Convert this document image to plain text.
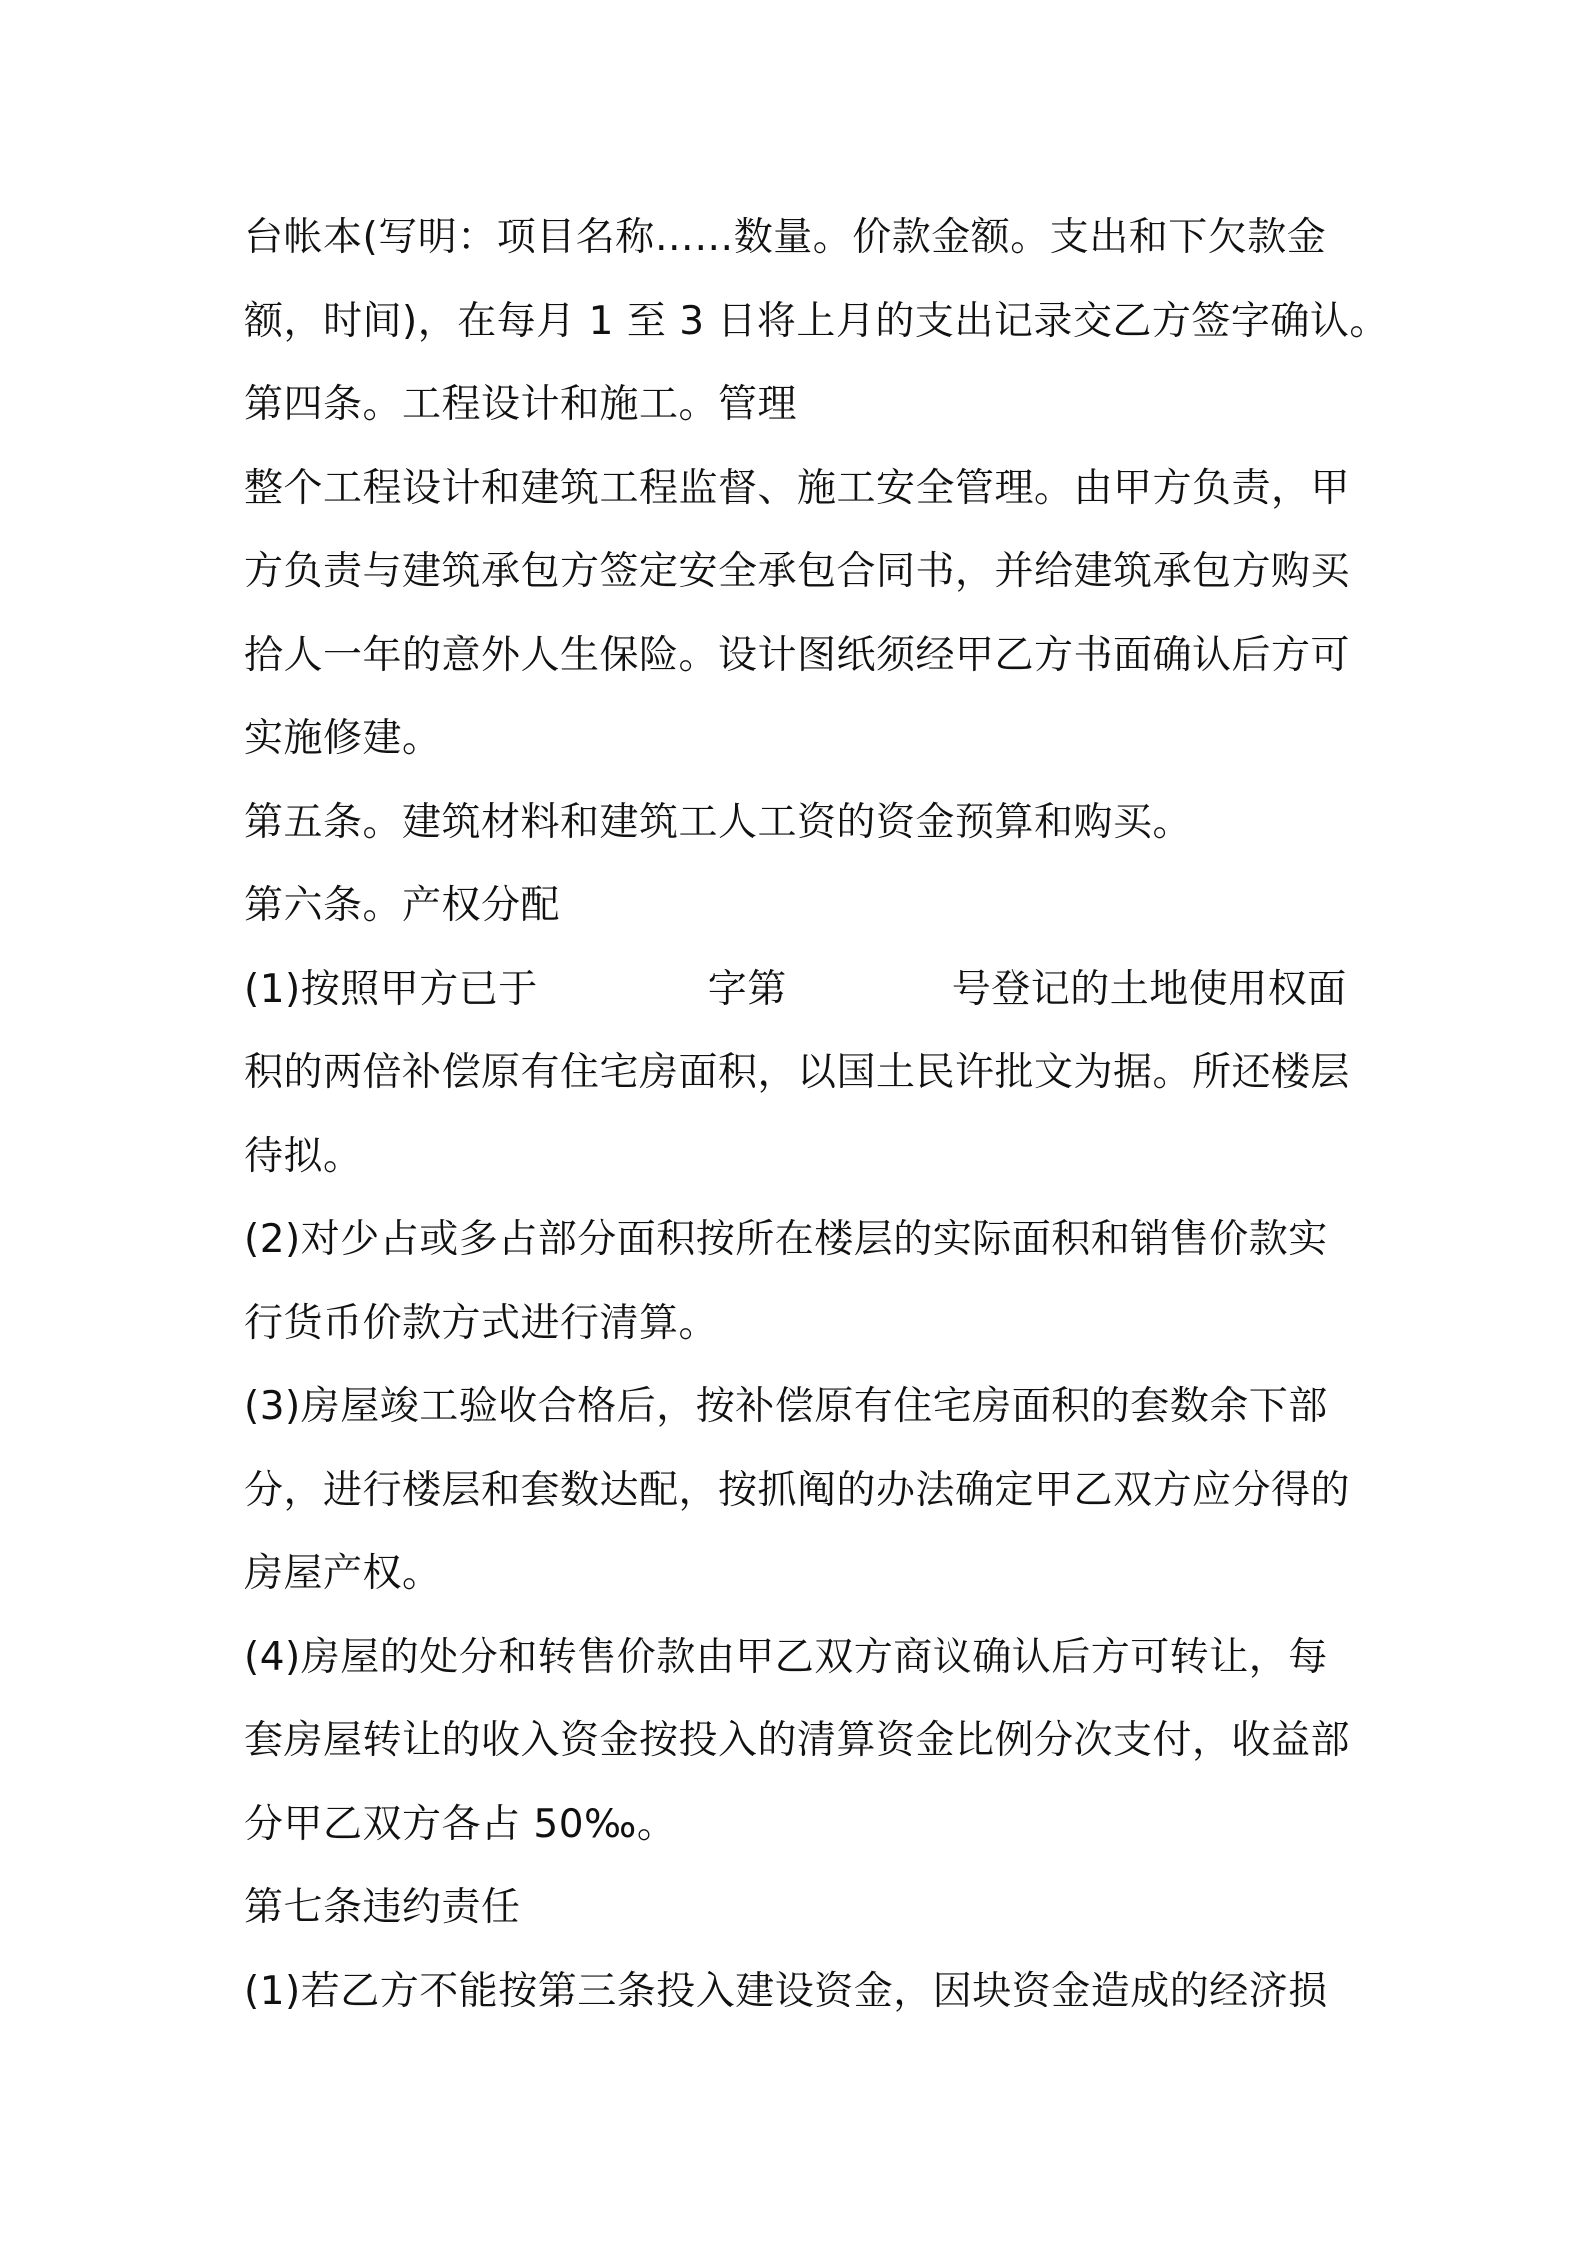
台帐本(写明：项目名称……数量。价款金额。支出和下欠款金
额，时间)，在每月 1 至 3 日将上月的支出记录交乙方签字确认。
第四条。工程设计和施工。管理
整个工程设计和建筑工程监督、施工安全管理。由甲方负责，甲
方负责与建筑承包方签定安全承包合同书，并给建筑承包方购买
拾人一年的意外人生保险。设计图纸须经甲乙方书面确认后方可
实施修建。
第五条。建筑材料和建筑工人工资的资金预算和购买。
第六条。产权分配
(1)按照甲方已于	字第	号登记的土地使用权面
积的两倍补偿原有住宅房面积，以国土民许批文为据。所还楼层
待拟。
(2)对少占或多占部分面积按所在楼层的实际面积和销售价款实
行货币价款方式进行清算。
(3)房屋竣工验收合格后，按补偿原有住宅房面积的套数余下部
分，进行楼层和套数达配，按抓阄的办法确定甲乙双方应分得的
房屋产权。
(4)房屋的处分和转售价款由甲乙双方商议确认后方可转让，每
套房屋转让的收入资金按投入的清算资金比例分次支付，收益部
分甲乙双方各占 50‰。
第七条违约责任
(1)若乙方不能按第三条投入建设资金，因块资金造成的经济损
